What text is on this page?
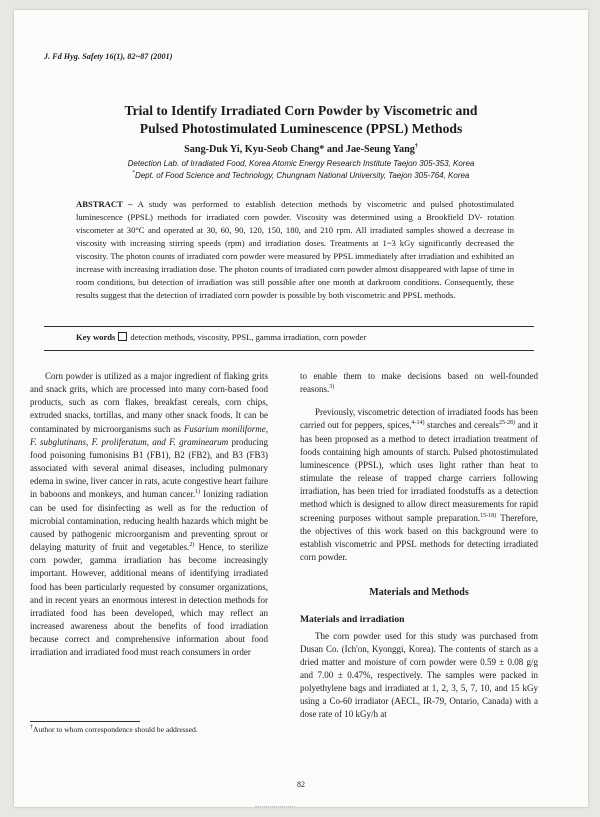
J. Fd Hyg. Safety 16(1), 82~87 (2001)
Trial to Identify Irradiated Corn Powder by Viscometric and
Pulsed Photostimulated Luminescence (PPSL) Methods
Sang-Duk Yi, Kyu-Seob Chang* and Jae-Seung Yang†
Detection Lab. of Irradiated Food, Korea Atomic Energy Research Institute Taejon 305-353, Korea
*Dept. of Food Science and Technology, Chungnam National University, Taejon 305-764, Korea
ABSTRACT – A study was performed to establish detection methods by viscometric and pulsed photostimulated luminescence (PPSL) methods for irradiated corn powder. Viscosity was determined using a Brookfield DV- rotation viscometer at 30°C and operated at 30, 60, 90, 120, 150, 180, and 210 rpm. All irradiated samples showed a decrease in viscosity with increasing stirring speeds (rpm) and irradiation doses. Treatments at 1~3 kGy significantly decreased the viscosity. The photon counts of irradiated corn powder were measured by PPSL immediately after irradiation and exhibited an increase with increasing irradiation dose. The photon counts of irradiated corn powder almost disappeared with lapse of time in room conditions, but detection of irradiation was still possible after one month at darkroom conditions. Consequently, these results suggest that the detection of irradiated corn powder is possible by both viscometric and PPSL methods.
Key words detection methods, viscosity, PPSL, gamma irradiation, corn powder

Corn powder is utilized as a major ingredient of flaking grits and snack grits, which are processed into many corn-based food products, such as corn flakes, breakfast cereals, corn chips, extruded snacks, tortillas, and many other snack foods. It can be contaminated by microorganisms such as Fusarium moniliforme, F. subglutinans, F. proliferatum, and F. graminearum producing food poisoning fumonisins B1 (FB1), B2 (FB2), and B3 (FB3) associated with several animal diseases, including pulmonary edema in swine, liver cancer in rats, acute congestive heart failure in baboons and monkeys, and human cancer.$^{1)}$ Ionizing radiation can be used for disinfecting as well as for the reduction of microbial contamination, reducing health hazards which might be caused by pathogenic microorganism and preventing sprout or delaying maturity of fruit and vegetables.$^{2)}$ Hence, to sterilize corn powder, gamma irradiation has become increasingly important. However, additional means of identifying irradiated food has been particularly requested by consumer organizations, and in recent years an enormous interest in detection methods for irradiated food has been developed, which may reflect an increased awareness about the benefits of food irradiation because correct and comprehensive information about food irradiation and irradiated food must reach consumers in order

to enable them to make decisions based on well-founded reasons.$^{3)}$

Previously, viscometric detection of irradiated foods has been carried out for peppers, spices,$^{4-14)}$ starches and cereals$^{25-28)}$ and it has been proposed as a method to detect irradiation treatment of foods containing high amounts of starch. Pulsed photostimulated luminescence (PPSL), which uses light rather than heat to stimulate the release of trapped charge carriers following irradiation, has been tried for irradiated foodstuffs as a detection method which is designed to allow direct measurements for rapid screening purposes without sample preparation.$^{15-18)}$ Therefore, the objectives of this work based on this background were to establish viscometric and PPSL methods for detecting irradiated corn powder.

Materials and Methods
Materials and irradiation

The corn powder used for this study was purchased from Dusan Co. (Ich'on, Kyonggi, Korea). The contents of starch as a dried matter and moisture of corn powder were 0.59 ± 0.08 g/g and 7.00 ± 0.47%, respectively. The samples were packed in polyethylene bags and irradiated at 1, 2, 3, 5, 7, 10, and 15 kGy using a Co-60 irradiator (AECL, IR-79, Ontario, Canada) with a dose rate of 10 kGy/h at

†Author to whom correspondence should be addressed.
82
